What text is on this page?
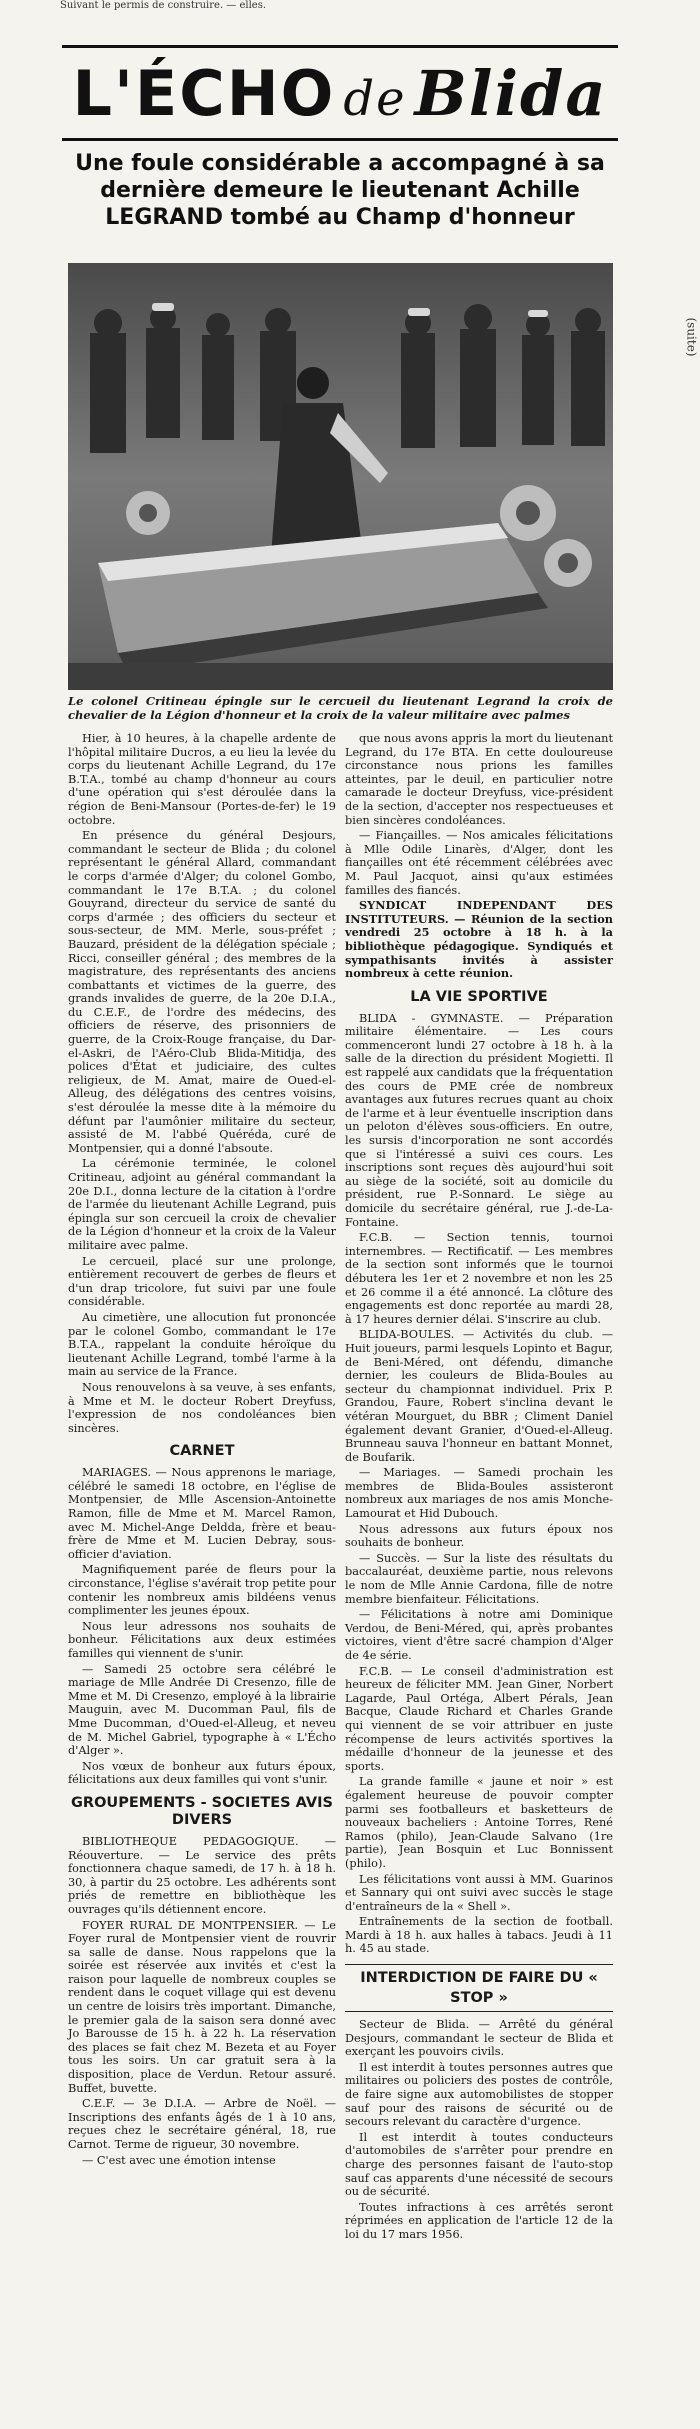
Suivant le permis de construire. — elles.
(suite)
L'ÉCHO de Blida
Une foule considérable a accompagné à sa dernière demeure le lieutenant Achille LEGRAND tombé au Champ d'honneur
Le colonel Critineau épingle sur le cercueil du lieutenant Legrand la croix de chevalier de la Légion d'honneur et la croix de la valeur militaire avec palmes

Hier, à 10 heures, à la chapelle ardente de l'hôpital militaire Ducros, a eu lieu la levée du corps du lieutenant Achille Legrand, du 17e B.T.A., tombé au champ d'honneur au cours d'une opération qui s'est déroulée dans la région de Beni-Mansour (Portes-de-fer) le 19 octobre.

En présence du général Desjours, commandant le secteur de Blida ; du colonel représentant le général Allard, commandant le corps d'armée d'Alger; du colonel Gombo, commandant le 17e B.T.A. ; du colonel Gouyrand, directeur du service de santé du corps d'armée ; des officiers du secteur et sous-secteur, de MM. Merle, sous-préfet ; Bauzard, président de la délégation spéciale ; Ricci, conseiller général ; des membres de la magistrature, des représentants des anciens combattants et victimes de la guerre, des grands invalides de guerre, de la 20e D.I.A., du C.E.F., de l'ordre des médecins, des officiers de réserve, des prisonniers de guerre, de la Croix-Rouge française, du Dar-el-Askri, de l'Aéro-Club Blida-Mitidja, des polices d'État et judiciaire, des cultes religieux, de M. Amat, maire de Oued-el-Alleug, des délégations des centres voisins, s'est déroulée la messe dite à la mémoire du défunt par l'aumônier militaire du secteur, assisté de M. l'abbé Quéréda, curé de Montpensier, qui a donné l'absoute.

La cérémonie terminée, le colonel Critineau, adjoint au général commandant la 20e D.I., donna lecture de la citation à l'ordre de l'armée du lieutenant Achille Legrand, puis épingla sur son cercueil la croix de chevalier de la Légion d'honneur et la croix de la Valeur militaire avec palme.

Le cercueil, placé sur une prolonge, entièrement recouvert de gerbes de fleurs et d'un drap tricolore, fut suivi par une foule considérable.

Au cimetière, une allocution fut prononcée par le colonel Gombo, commandant le 17e B.T.A., rappelant la conduite héroïque du lieutenant Achille Legrand, tombé l'arme à la main au service de la France.

Nous renouvelons à sa veuve, à ses enfants, à Mme et M. le docteur Robert Dreyfuss, l'expression de nos condoléances bien sincères.

CARNET

MARIAGES. — Nous apprenons le mariage, célébré le samedi 18 octobre, en l'église de Montpensier, de Mlle Ascension-Antoinette Ramon, fille de Mme et M. Marcel Ramon, avec M. Michel-Ange Deldda, frère et beau-frère de Mme et M. Lucien Debray, sous-officier d'aviation.

Magnifiquement parée de fleurs pour la circonstance, l'église s'avérait trop petite pour contenir les nombreux amis bildéens venus complimenter les jeunes époux.

Nous leur adressons nos souhaits de bonheur. Félicitations aux deux estimées familles qui viennent de s'unir.

— Samedi 25 octobre sera célébré le mariage de Mlle Andrée Di Cresenzo, fille de Mme et M. Di Cresenzo, employé à la librairie Mauguin, avec M. Ducomman Paul, fils de Mme Ducomman, d'Oued-el-Alleug, et neveu de M. Michel Gabriel, typographe à « L'Écho d'Alger ».

Nos vœux de bonheur aux futurs époux, félicitations aux deux familles qui vont s'unir.

GROUPEMENTS - SOCIETES AVIS DIVERS

BIBLIOTHEQUE PEDAGOGIQUE. — Réouverture. — Le service des prêts fonctionnera chaque samedi, de 17 h. à 18 h. 30, à partir du 25 octobre. Les adhérents sont priés de remettre en bibliothèque les ouvrages qu'ils détiennent encore.

FOYER RURAL DE MONTPENSIER. — Le Foyer rural de Montpensier vient de rouvrir sa salle de danse. Nous rappelons que la soirée est réservée aux invités et c'est la raison pour laquelle de nombreux couples se rendent dans le coquet village qui est devenu un centre de loisirs très important. Dimanche, le premier gala de la saison sera donné avec Jo Barousse de 15 h. à 22 h. La réservation des places se fait chez M. Bezeta et au Foyer tous les soirs. Un car gratuit sera à la disposition, place de Verdun. Retour assuré. Buffet, buvette.

C.E.F. — 3e D.I.A. — Arbre de Noël. — Inscriptions des enfants âgés de 1 à 10 ans, reçues chez le secrétaire général, 18, rue Carnot. Terme de rigueur, 30 novembre.

— C'est avec une émotion intense

que nous avons appris la mort du lieutenant Legrand, du 17e BTA. En cette douloureuse circonstance nous prions les familles atteintes, par le deuil, en particulier notre camarade le docteur Dreyfuss, vice-président de la section, d'accepter nos respectueuses et bien sincères condoléances.

— Fiançailles. — Nos amicales félicitations à Mlle Odile Linarès, d'Alger, dont les fiançailles ont été récemment célébrées avec M. Paul Jacquot, ainsi qu'aux estimées familles des fiancés.

SYNDICAT INDEPENDANT DES INSTITUTEURS. — Réunion de la section vendredi 25 octobre à 18 h. à la bibliothèque pédagogique. Syndiqués et sympathisants invités à assister nombreux à cette réunion.

LA VIE SPORTIVE

BLIDA - GYMNASTE. — Préparation militaire élémentaire. — Les cours commenceront lundi 27 octobre à 18 h. à la salle de la direction du président Mogietti. Il est rappelé aux candidats que la fréquentation des cours de PME crée de nombreux avantages aux futures recrues quant au choix de l'arme et à leur éventuelle inscription dans un peloton d'élèves sous-officiers. En outre, les sursis d'incorporation ne sont accordés que si l'intéressé a suivi ces cours. Les inscriptions sont reçues dès aujourd'hui soit au siège de la société, soit au domicile du président, rue P.-Sonnard. Le siège au domicile du secrétaire général, rue J.-de-La-Fontaine.

F.C.B. — Section tennis, tournoi internembres. — Rectificatif. — Les membres de la section sont informés que le tournoi débutera les 1er et 2 novembre et non les 25 et 26 comme il a été annoncé. La clôture des engagements est donc reportée au mardi 28, à 17 heures dernier délai. S'inscrire au club.

BLIDA-BOULES. — Activités du club. — Huit joueurs, parmi lesquels Lopinto et Bagur, de Beni-Méred, ont défendu, dimanche dernier, les couleurs de Blida-Boules au secteur du championnat individuel. Prix P. Grandou, Faure, Robert s'inclina devant le vétéran Mourguet, du BBR ; Climent Daniel également devant Granier, d'Oued-el-Alleug. Brunneau sauva l'honneur en battant Monnet, de Boufarik.

— Mariages. — Samedi prochain les membres de Blida-Boules assisteront nombreux aux mariages de nos amis Monche-Lamourat et Hid Dubouch.

Nous adressons aux futurs époux nos souhaits de bonheur.

— Succès. — Sur la liste des résultats du baccalauréat, deuxième partie, nous relevons le nom de Mlle Annie Cardona, fille de notre membre bienfaiteur. Félicitations.

— Félicitations à notre ami Dominique Verdou, de Beni-Méred, qui, après probantes victoires, vient d'être sacré champion d'Alger de 4e série.

F.C.B. — Le conseil d'administration est heureux de féliciter MM. Jean Giner, Norbert Lagarde, Paul Ortéga, Albert Pérals, Jean Bacque, Claude Richard et Charles Grande qui viennent de se voir attribuer en juste récompense de leurs activités sportives la médaille d'honneur de la jeunesse et des sports.

La grande famille « jaune et noir » est également heureuse de pouvoir compter parmi ses footballeurs et basketteurs de nouveaux bacheliers : Antoine Torres, René Ramos (philo), Jean-Claude Salvano (1re partie), Jean Bosquin et Luc Bonnissent (philo).

Les félicitations vont aussi à MM. Guarinos et Sannary qui ont suivi avec succès le stage d'entraîneurs de la « Shell ».

Entraînements de la section de football. Mardi à 18 h. aux halles à tabacs. Jeudi à 11 h. 45 au stade.

INTERDICTION DE FAIRE DU « STOP »

Secteur de Blida. — Arrêté du général Desjours, commandant le secteur de Blida et exerçant les pouvoirs civils.

Il est interdit à toutes personnes autres que militaires ou policiers des postes de contrôle, de faire signe aux automobilistes de stopper sauf pour des raisons de sécurité ou de secours relevant du caractère d'urgence.

Il est interdit à toutes conducteurs d'automobiles de s'arrêter pour prendre en charge des personnes faisant de l'auto-stop sauf cas apparents d'une nécessité de secours ou de sécurité.

Toutes infractions à ces arrêtés seront réprimées en application de l'article 12 de la loi du 17 mars 1956.
